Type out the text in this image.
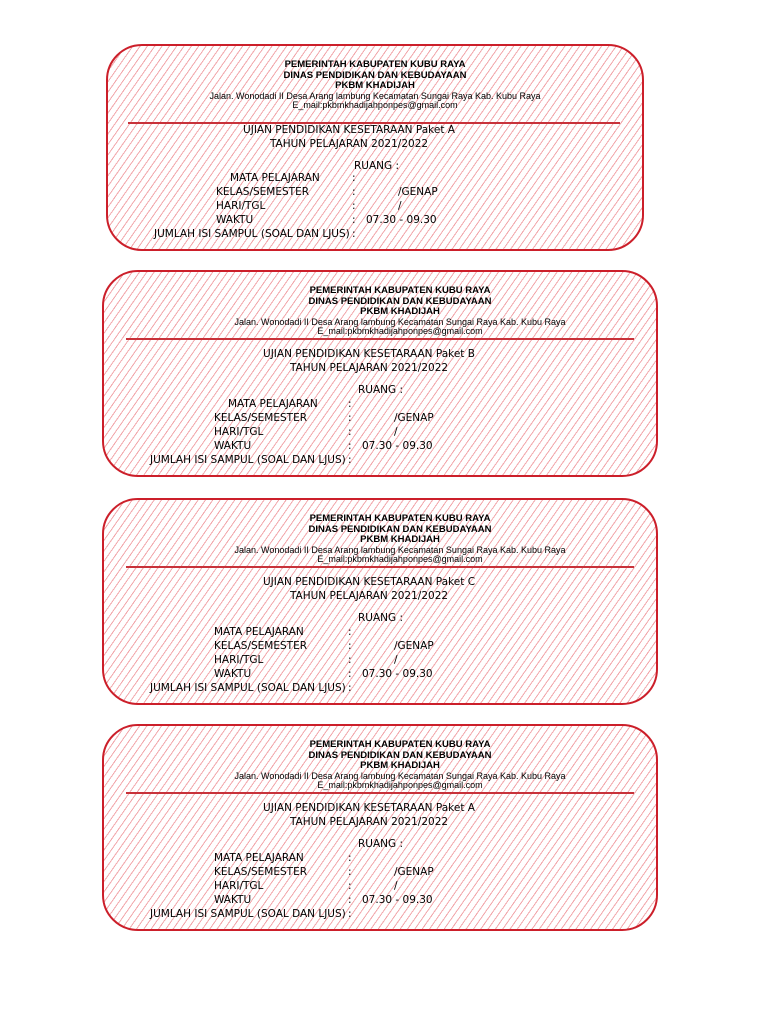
PEMERINTAH KABUPATEN KUBU RAYA
DINAS PENDIDIKAN DAN KEBUDAYAAN
PKBM KHADIJAH
Jalan. Wonodadi II Desa Arang lambung Kecamatan Sungai Raya Kab. Kubu Raya
E_mail:pkbmkhadijahponpes@gmail.com
UJIAN PENDIDIKAN KESETARAAN Paket A
TAHUN PELAJARAN 2021/2022
RUANG :
MATA PELAJARAN	:
KELAS/SEMESTER	:	/GENAP
HARI/TGL	:	/
WAKTU	: 07.30 - 09.30
JUMLAH ISI SAMPUL (SOAL DAN LJUS) :
PEMERINTAH KABUPATEN KUBU RAYA
DINAS PENDIDIKAN DAN KEBUDAYAAN
PKBM KHADIJAH
Jalan. Wonodadi II Desa Arang lambung Kecamatan Sungai Raya Kab. Kubu Raya
E_mail:pkbmkhadijahponpes@gmail.com
UJIAN PENDIDIKAN KESETARAAN Paket B
TAHUN PELAJARAN 2021/2022
RUANG :
MATA PELAJARAN	:
KELAS/SEMESTER	:	/GENAP
HARI/TGL	:	/
WAKTU	: 07.30 - 09.30
JUMLAH ISI SAMPUL (SOAL DAN LJUS) :
PEMERINTAH KABUPATEN KUBU RAYA
DINAS PENDIDIKAN DAN KEBUDAYAAN
PKBM KHADIJAH
Jalan. Wonodadi II Desa Arang lambung Kecamatan Sungai Raya Kab. Kubu Raya
E_mail:pkbmkhadijahponpes@gmail.com
UJIAN PENDIDIKAN KESETARAAN Paket C
TAHUN PELAJARAN 2021/2022
RUANG :
MATA PELAJARAN	:
KELAS/SEMESTER	:	/GENAP
HARI/TGL	:	/
WAKTU	: 07.30 - 09.30
JUMLAH ISI SAMPUL (SOAL DAN LJUS) :
PEMERINTAH KABUPATEN KUBU RAYA
DINAS PENDIDIKAN DAN KEBUDAYAAN
PKBM KHADIJAH
Jalan. Wonodadi II Desa Arang lambung Kecamatan Sungai Raya Kab. Kubu Raya
E_mail:pkbmkhadijahponpes@gmail.com
UJIAN PENDIDIKAN KESETARAAN Paket A
TAHUN PELAJARAN 2021/2022
RUANG :
MATA PELAJARAN	:
KELAS/SEMESTER	:	/GENAP
HARI/TGL	:	/
WAKTU	: 07.30 - 09.30
JUMLAH ISI SAMPUL (SOAL DAN LJUS) :
